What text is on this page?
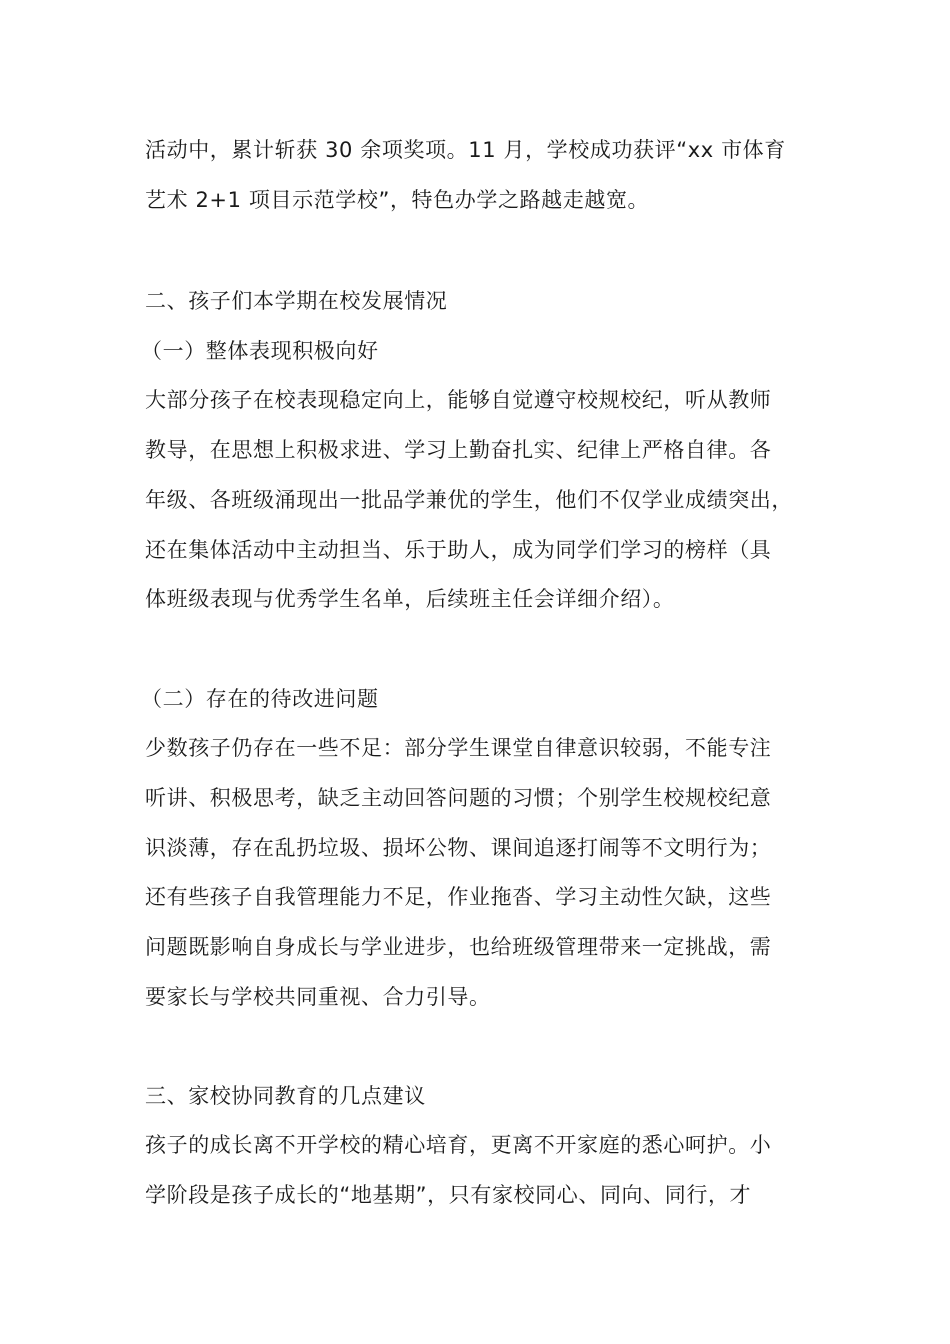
活动中，累计斩获 30 余项奖项。11 月，学校成功获评“xx 市体育
艺术 2+1 项目示范学校”，特色办学之路越走越宽。
二、孩子们本学期在校发展情况
（一）整体表现积极向好
大部分孩子在校表现稳定向上，能够自觉遵守校规校纪，听从教师
教导，在思想上积极求进、学习上勤奋扎实、纪律上严格自律。各
年级、各班级涌现出一批品学兼优的学生，他们不仅学业成绩突出，
还在集体活动中主动担当、乐于助人，成为同学们学习的榜样（具
体班级表现与优秀学生名单，后续班主任会详细介绍）。
（二）存在的待改进问题
少数孩子仍存在一些不足：部分学生课堂自律意识较弱，不能专注
听讲、积极思考，缺乏主动回答问题的习惯；个别学生校规校纪意
识淡薄，存在乱扔垃圾、损坏公物、课间追逐打闹等不文明行为；
还有些孩子自我管理能力不足，作业拖沓、学习主动性欠缺，这些
问题既影响自身成长与学业进步，也给班级管理带来一定挑战，需
要家长与学校共同重视、合力引导。
三、家校协同教育的几点建议
孩子的成长离不开学校的精心培育，更离不开家庭的悉心呵护。小
学阶段是孩子成长的“地基期”，只有家校同心、同向、同行，才
